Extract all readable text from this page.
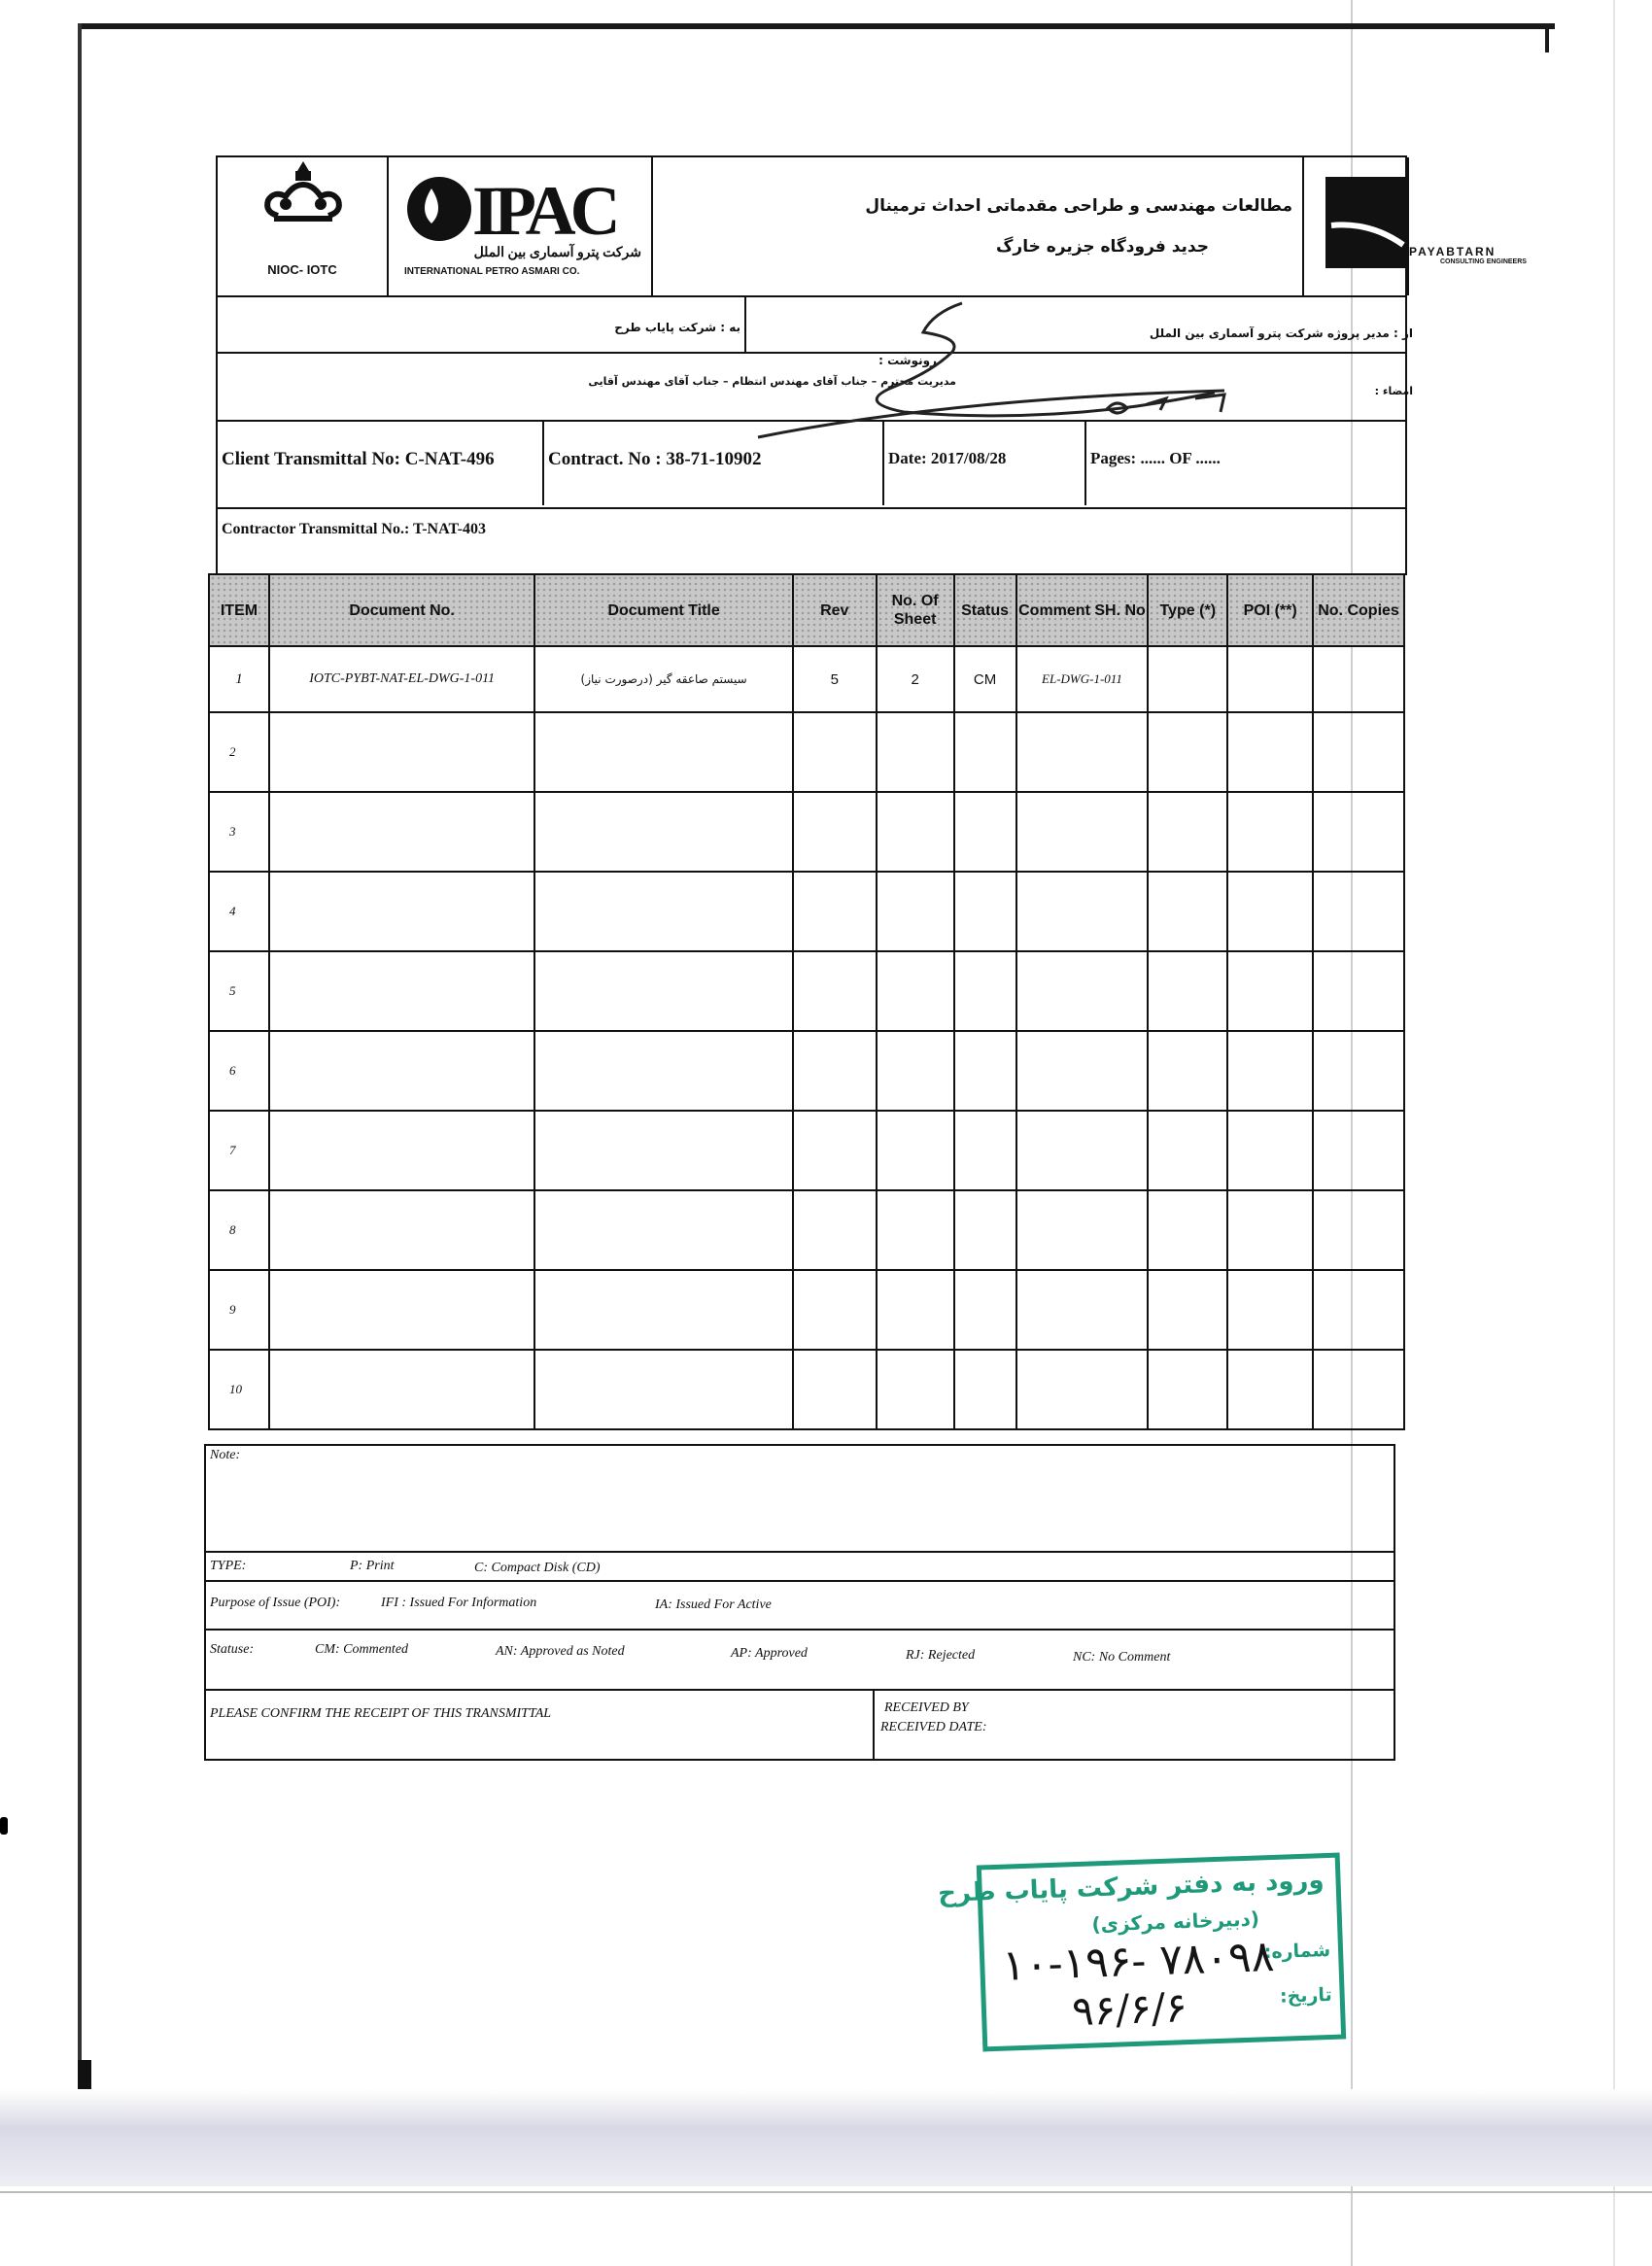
NIOC- IOTC
IPAC
شرکت پترو آسماری بین الملل
INTERNATIONAL PETRO ASMARI CO.
مطالعات مهندسی و طراحی مقدماتی احداث ترمینال
جدید فرودگاه جزیره خارگ	PAYABTARN
CONSULTING ENGINEERS
به : شرکت پایاب طرح	از : مدیر پروژه شرکت پترو آسماری بین الملل
رونوشت :
مدیریت محترم – جناب آقای مهندس انتظام – جناب آقای مهندس آقایی
امضاء :
Client Transmittal No: C-NAT-496	Contract. No : 38-71-10902	Date: 2017/08/28	Pages: ...... OF ......
Contractor Transmittal No.: T-NAT-403
ITEM	Document No.	Document Title	Rev	No. Of Sheet	Status	Comment SH. No	Type (*)	POI (**)	No. Copies
1	IOTC-PYBT-NAT-EL-DWG-1-011	سیستم صاعقه گیر (درصورت نیاز)	5	2	CM	EL-DWG-1-011			
2									
3									
4									
5									
6									
7									
8									
9									
10									
Note:
TYPE:	P: Print	C: Compact Disk (CD)
Purpose of Issue (POI):	IFI : Issued For Information	IA: Issued For Active
Statuse:	CM: Commented	AN: Approved as Noted	AP: Approved	RJ: Rejected	NC: No Comment
PLEASE CONFIRM THE RECEIPT OF THIS TRANSMITTAL	RECEIVED BY
RECEIVED DATE:
ورود به دفتر شرکت پایاب طرح
(دبیرخانه مرکزی)
شماره:
تاریخ:
۱۰-۱۹۶- ۷۸۰۹۸
۹۶/۶/۶
